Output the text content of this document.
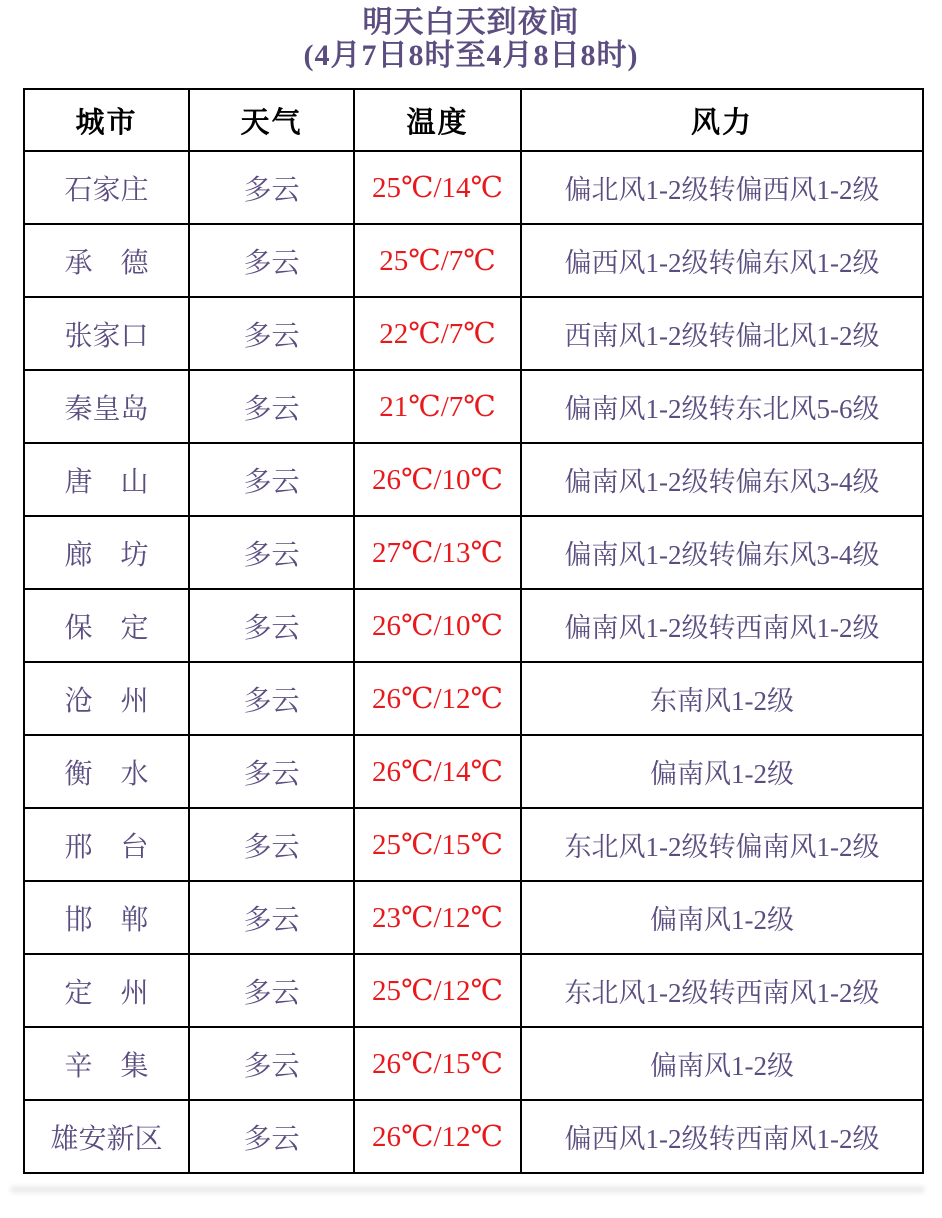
明天白天到夜间
(4月7日8时至4月8日8时)
城市	天气	温度	风力
石家庄	多云	25℃/14℃	偏北风1-2级转偏西风1-2级
承　德	多云	25℃/7℃	偏西风1-2级转偏东风1-2级
张家口	多云	22℃/7℃	西南风1-2级转偏北风1-2级
秦皇岛	多云	21℃/7℃	偏南风1-2级转东北风5-6级
唐　山	多云	26℃/10℃	偏南风1-2级转偏东风3-4级
廊　坊	多云	27℃/13℃	偏南风1-2级转偏东风3-4级
保　定	多云	26℃/10℃	偏南风1-2级转西南风1-2级
沧　州	多云	26℃/12℃	东南风1-2级
衡　水	多云	26℃/14℃	偏南风1-2级
邢　台	多云	25℃/15℃	东北风1-2级转偏南风1-2级
邯　郸	多云	23℃/12℃	偏南风1-2级
定　州	多云	25℃/12℃	东北风1-2级转西南风1-2级
辛　集	多云	26℃/15℃	偏南风1-2级
雄安新区	多云	26℃/12℃	偏西风1-2级转西南风1-2级
